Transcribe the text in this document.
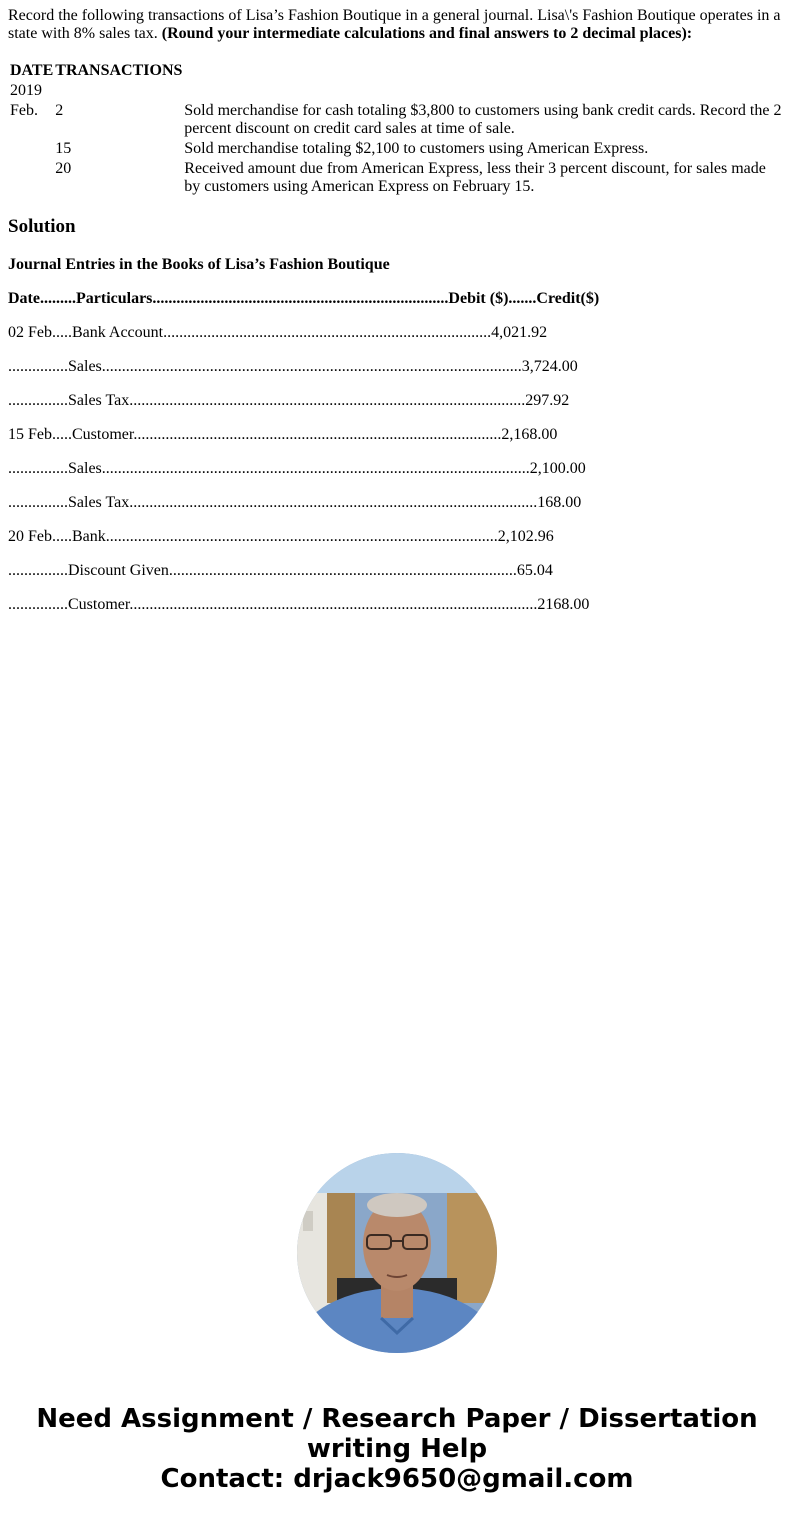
Record the following transactions of Lisa’s Fashion Boutique in a general journal. Lisa\'s Fashion Boutique operates in a state with 8% sales tax. (Round your intermediate calculations and final answers to 2 decimal places):

DATE	TRANSACTIONS	
2019		
Feb.	2	Sold merchandise for cash totaling $3,800 to customers using bank credit cards. Record the 2 percent discount on credit card sales at time of sale.
	15	Sold merchandise totaling $2,100 to customers using American Express.
	20	Received amount due from American Express, less their 3 percent discount, for sales made by customers using American Express on February 15.
Solution

Journal Entries in the Books of Lisa’s Fashion Boutique

Date.........Particulars..........................................................................Debit ($).......Credit($)

02 Feb.....Bank Account..................................................................................4,021.92

...............Sales.........................................................................................................3,724.00

...............Sales Tax...................................................................................................297.92

15 Feb.....Customer............................................................................................2,168.00

...............Sales...........................................................................................................2,100.00

...............Sales Tax......................................................................................................168.00

20 Feb.....Bank..................................................................................................2,102.96

...............Discount Given.......................................................................................65.04

...............Customer......................................................................................................2168.00

Need Assignment / Research Paper / Dissertation
writing Help
Contact: drjack9650@gmail.com
